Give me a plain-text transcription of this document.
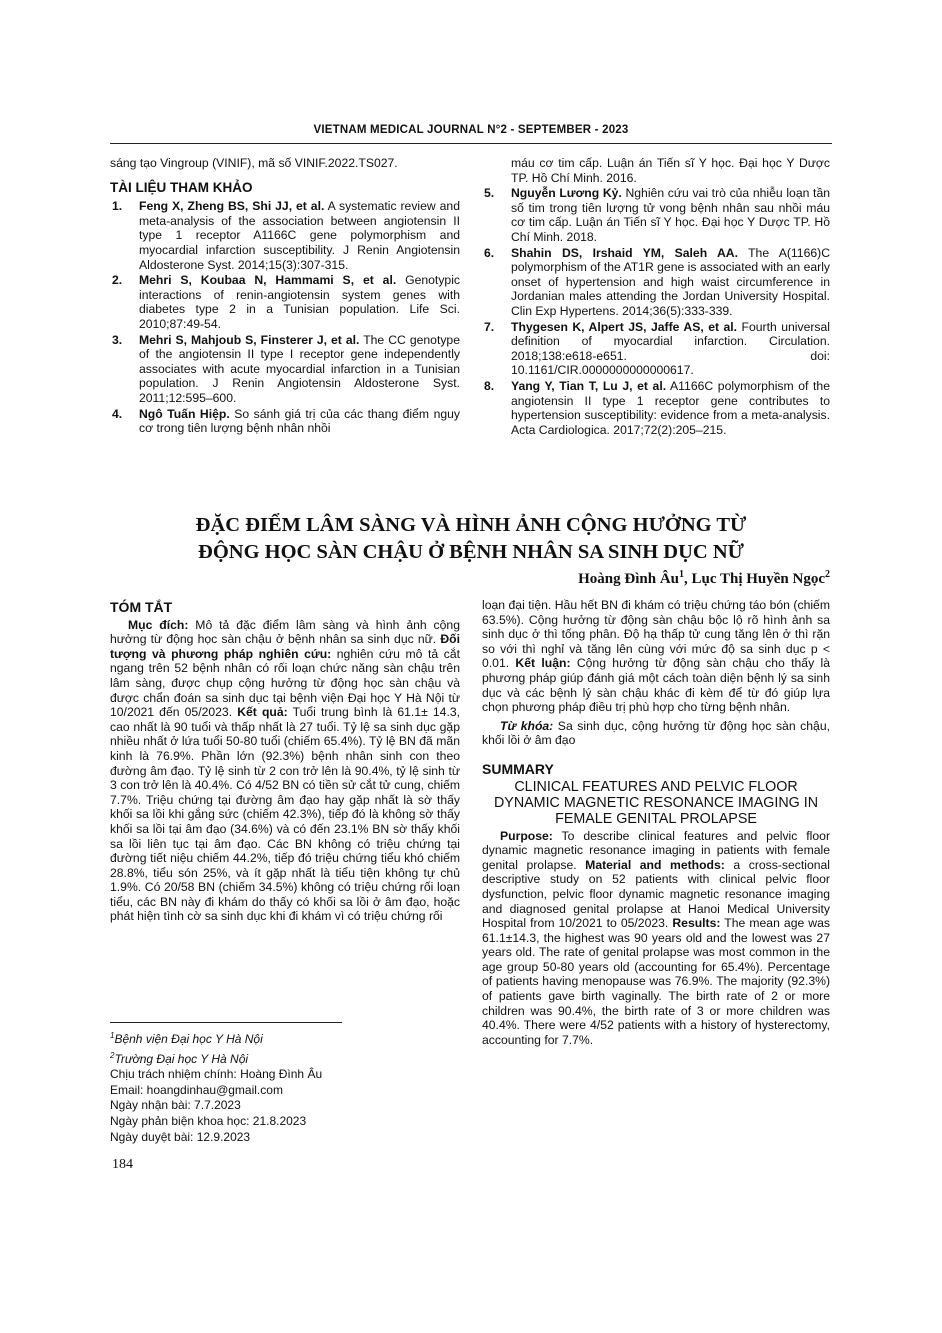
VIETNAM MEDICAL JOURNAL N°2 - SEPTEMBER - 2023
sáng tạo Vingroup (VINIF), mã số VINIF.2022.TS027.
TÀI LIỆU THAM KHẢO
1.	Feng X, Zheng BS, Shi JJ, et al. A systematic review and meta-analysis of the association between angiotensin II type 1 receptor A1166C gene polymorphism and myocardial infarction susceptibility. J Renin Angiotensin Aldosterone Syst. 2014;15(3):307-315.
2.	Mehri S, Koubaa N, Hammami S, et al. Genotypic interactions of renin-angiotensin system genes with diabetes type 2 in a Tunisian population. Life Sci. 2010;87:49-54.
3.	Mehri S, Mahjoub S, Finsterer J, et al. The CC genotype of the angiotensin II type I receptor gene independently associates with acute myocardial infarction in a Tunisian population. J Renin Angiotensin Aldosterone Syst. 2011;12:595–600.
4.	Ngô Tuấn Hiệp. So sánh giá trị của các thang điểm nguy cơ trong tiên lượng bệnh nhân nhồi
máu cơ tim cấp. Luận án Tiến sĩ Y học. Đại học Y Dược TP. Hồ Chí Minh. 2016.
5.	Nguyễn Lương Kỷ. Nghiên cứu vai trò của nhiễu loạn tần số tim trong tiên lượng tử vong bệnh nhân sau nhồi máu cơ tim cấp. Luận án Tiến sĩ Y học. Đại học Y Dược TP. Hồ Chí Minh. 2018.
6.	Shahin DS, Irshaid YM, Saleh AA. The A(1166)C polymorphism of the AT1R gene is associated with an early onset of hypertension and high waist circumference in Jordanian males attending the Jordan University Hospital. Clin Exp Hypertens. 2014;36(5):333-339.
7.	Thygesen K, Alpert JS, Jaffe AS, et al. Fourth universal definition of myocardial infarction. Circulation. 2018;138:e618-e651. doi: 10.1161/CIR.0000000000000617.
8.	Yang Y, Tian T, Lu J, et al. A1166C polymorphism of the angiotensin II type 1 receptor gene contributes to hypertension susceptibility: evidence from a meta-analysis. Acta Cardiologica. 2017;72(2):205–215.
ĐẶC ĐIỂM LÂM SÀNG VÀ HÌNH ẢNH CỘNG HƯỞNG TỪ
ĐỘNG HỌC SÀN CHẬU Ở BỆNH NHÂN SA SINH DỤC NỮ
Hoàng Đình $Âu^1$, Lục Thị Huyền Ngọc$^2$
TÓM TẮT

Mục đích: Mô tả đặc điểm lâm sàng và hình ảnh cộng hưởng từ động học sàn chậu ở bệnh nhân sa sinh dục nữ. Đối tượng và phương pháp nghiên cứu: nghiên cứu mô tả cắt ngang trên 52 bệnh nhân có rối loạn chức năng sàn chậu trên lâm sàng, được chụp cộng hưởng từ động học sàn chậu và được chẩn đoán sa sinh dục tại bệnh viện Đại học Y Hà Nội từ 10/2021 đến 05/2023. Kết quả: Tuổi trung bình là 61.1± 14.3, cao nhất là 90 tuổi và thấp nhất là 27 tuổi. Tỷ lệ sa sinh dục gặp nhiều nhất ở lứa tuổi 50-80 tuổi (chiếm 65.4%). Tỷ lệ BN đã mãn kinh là 76.9%. Phần lớn (92.3%) bệnh nhân sinh con theo đường âm đạo. Tỷ lệ sinh từ 2 con trở lên là 90.4%, tỷ lệ sinh từ 3 con trở lên là 40.4%. Có 4/52 BN có tiền sử cắt tử cung, chiếm 7.7%. Triệu chứng tại đường âm đạo hay gặp nhất là sờ thấy khối sa lồi khi gắng sức (chiếm 42.3%), tiếp đó là không sờ thấy khối sa lồi tại âm đạo (34.6%) và có đến 23.1% BN sờ thấy khối sa lồi liên tục tại âm đạo. Các BN không có triệu chứng tại đường tiết niệu chiếm 44.2%, tiếp đó triệu chứng tiểu khó chiếm 28.8%, tiểu són 25%, và ít gặp nhất là tiểu tiện không tự chủ 1.9%. Có 20/58 BN (chiếm 34.5%) không có triệu chứng rối loạn tiểu, các BN này đi khám do thấy có khối sa lồi ở âm đạo, hoặc phát hiện tình cờ sa sinh dục khi đi khám vì có triệu chứng rối

loạn đại tiện. Hầu hết BN đi khám có triệu chứng táo bón (chiếm 63.5%). Cộng hưởng từ động sàn chậu bộc lộ rõ hình ảnh sa sinh dục ở thì tống phân. Độ hạ thấp tử cung tăng lên ở thì rặn so với thì nghỉ và tăng lên cùng với mức độ sa sinh dục p < 0.01. Kết luận: Cộng hưởng từ động sàn chậu cho thấy là phương pháp giúp đánh giá một cách toàn diện bệnh lý sa sinh dục và các bệnh lý sàn chậu khác đi kèm để từ đó giúp lựa chọn phương pháp điều trị phù hợp cho từng bệnh nhân.

Từ khóa: Sa sinh dục, cộng hưởng từ động học sàn chậu, khối lồi ở âm đạo

SUMMARY
CLINICAL FEATURES AND PELVIC FLOOR DYNAMIC MAGNETIC RESONANCE IMAGING IN FEMALE GENITAL PROLAPSE

Purpose: To describe clinical features and pelvic floor dynamic magnetic resonance imaging in patients with female genital prolapse. Material and methods: a cross-sectional descriptive study on 52 patients with clinical pelvic floor dysfunction, pelvic floor dynamic magnetic resonance imaging and diagnosed genital prolapse at Hanoi Medical University Hospital from 10/2021 to 05/2023. Results: The mean age was 61.1±14.3, the highest was 90 years old and the lowest was 27 years old. The rate of genital prolapse was most common in the age group 50-80 years old (accounting for 65.4%). Percentage of patients having menopause was 76.9%. The majority (92.3%) of patients gave birth vaginally. The birth rate of 2 or more children was 90.4%, the birth rate of 3 or more children was 40.4%. There were 4/52 patients with a history of hysterectomy, accounting for 7.7%.

$^1$Bệnh viện Đại học Y Hà Nội
$^2$Trường Đại học Y Hà Nội
Chịu trách nhiệm chính: Hoàng Đình Âu
Email: hoangdinhau@gmail.com
Ngày nhận bài: 7.7.2023
Ngày phản biện khoa học: 21.8.2023
Ngày duyệt bài: 12.9.2023
184
